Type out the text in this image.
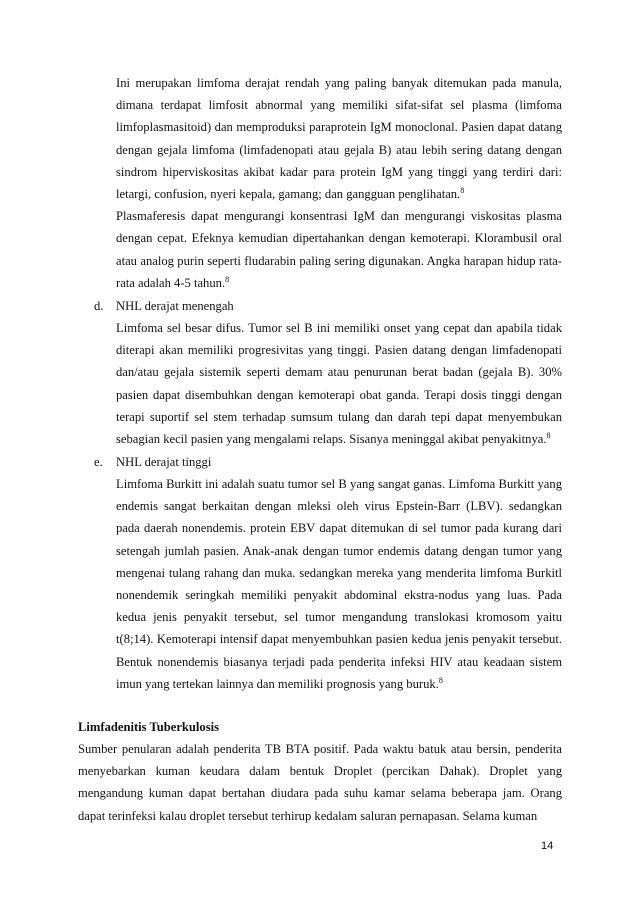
Ini merupakan limfoma derajat rendah yang paling banyak ditemukan pada manula, dimana terdapat limfosit abnormal yang memiliki sifat-sifat sel plasma (limfoma limfoplasmasitoid) dan memproduksi paraprotein IgM monoclonal. Pasien dapat datang dengan gejala limfoma (limfadenopati atau gejala B) atau lebih sering datang dengan sindrom hiperviskositas akibat kadar para protein IgM yang tinggi yang terdiri dari: letargi, confusion, nyeri kepala, gamang; dan gangguan penglihatan.$^8$

Plasmaferesis dapat mengurangi konsentrasi IgM dan mengurangi viskositas plasma dengan cepat. Efeknya kemudian dipertahankan dengan kemoterapi. Klorambusil oral atau analog purin seperti fludarabin paling sering digunakan. Angka harapan hidup rata-rata adalah 4-5 tahun.$^8$

d. NHL derajat menengah

Limfoma sel besar difus. Tumor sel B ini memiliki onset yang cepat dan apabila tidak diterapi akan memiliki progresivitas yang tinggi. Pasien datang dengan limfadenopati dan/atau gejala sistemik seperti demam atau penurunan berat badan (gejala B). 30% pasien dapat disembuhkan dengan kemoterapi obat ganda. Terapi dosis tinggi dengan terapi suportif sel stem terhadap sumsum tulang dan darah tepi dapat menyembukan sebagian kecil pasien yang mengalami relaps. Sisanya meninggal akibat penyakitnya.$^8$

e. NHL derajat tinggi

Limfoma Burkitt ini adalah suatu tumor sel B yang sangat ganas. Limfoma Burkitt yang endemis sangat berkaitan dengan mleksi oleh virus Epstein-Barr (LBV). sedangkan pada daerah nonendemis. protein EBV dapat ditemukan di sel tumor pada kurang dari setengah jumlah pasien. Anak-anak dengan tumor endemis datang dengan tumor yang mengenai tulang rahang dan muka. sedangkan mereka yang menderita limfoma Burkitl nonendemik seringkah memiliki penyakit abdominal ekstra-nodus yang luas. Pada kedua jenis penyakit tersebut, sel tumor mengandung translokasi kromosom yaitu t(8;14). Kemoterapi intensif dapat menyembuhkan pasien kedua jenis penyakit tersebut. Bentuk nonendemis biasanya terjadi pada penderita infeksi HIV atau keadaan sistem imun yang tertekan lainnya dan memiliki prognosis yang buruk.$^8$

Limfadenitis Tuberkulosis

Sumber penularan adalah penderita TB BTA positif. Pada waktu batuk atau bersin, penderita menyebarkan kuman keudara dalam bentuk Droplet (percikan Dahak). Droplet yang mengandung kuman dapat bertahan diudara pada suhu kamar selama beberapa jam. Orang dapat terinfeksi kalau droplet tersebut terhirup kedalam saluran pernapasan. Selama kuman

14
